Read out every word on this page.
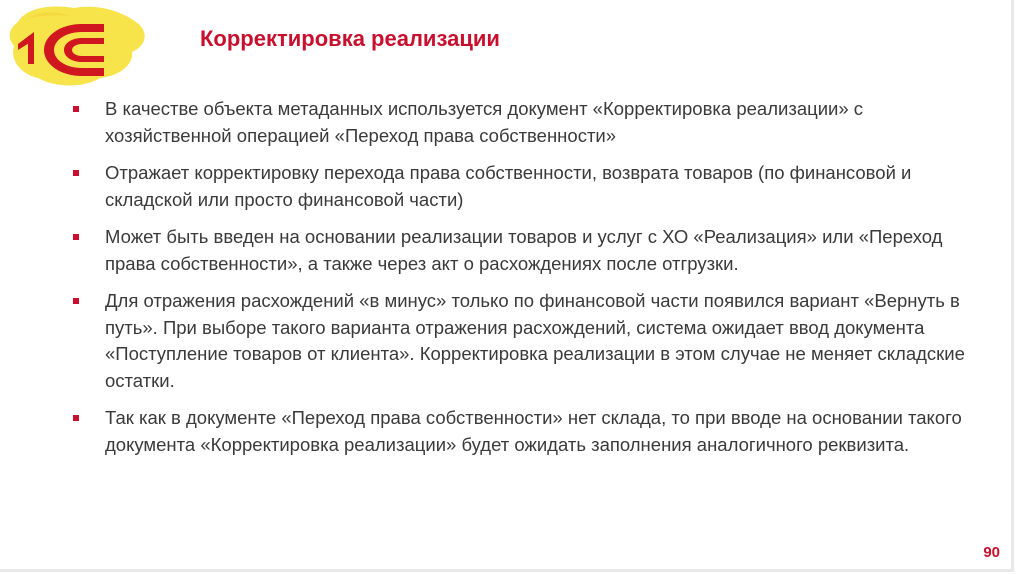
Корректировка реализации
В качестве объекта метаданных используется документ «Корректировка реализации» с хозяйственной операцией «Переход права собственности»
Отражает корректировку перехода права собственности, возврата товаров (по финансовой и складской или просто финансовой части)
Может быть введен на основании реализации товаров и услуг с ХО «Реализация» или «Переход права собственности», а также через акт о расхождениях после отгрузки.
Для отражения расхождений «в минус» только по финансовой части появился вариант «Вернуть в путь». При выборе такого варианта отражения расхождений, система ожидает ввод документа «Поступление товаров от клиента». Корректировка реализации в этом случае не меняет складские остатки.
Так как в документе «Переход права собственности» нет склада, то при вводе на основании такого документа «Корректировка реализации» будет ожидать заполнения аналогичного реквизита.
90
